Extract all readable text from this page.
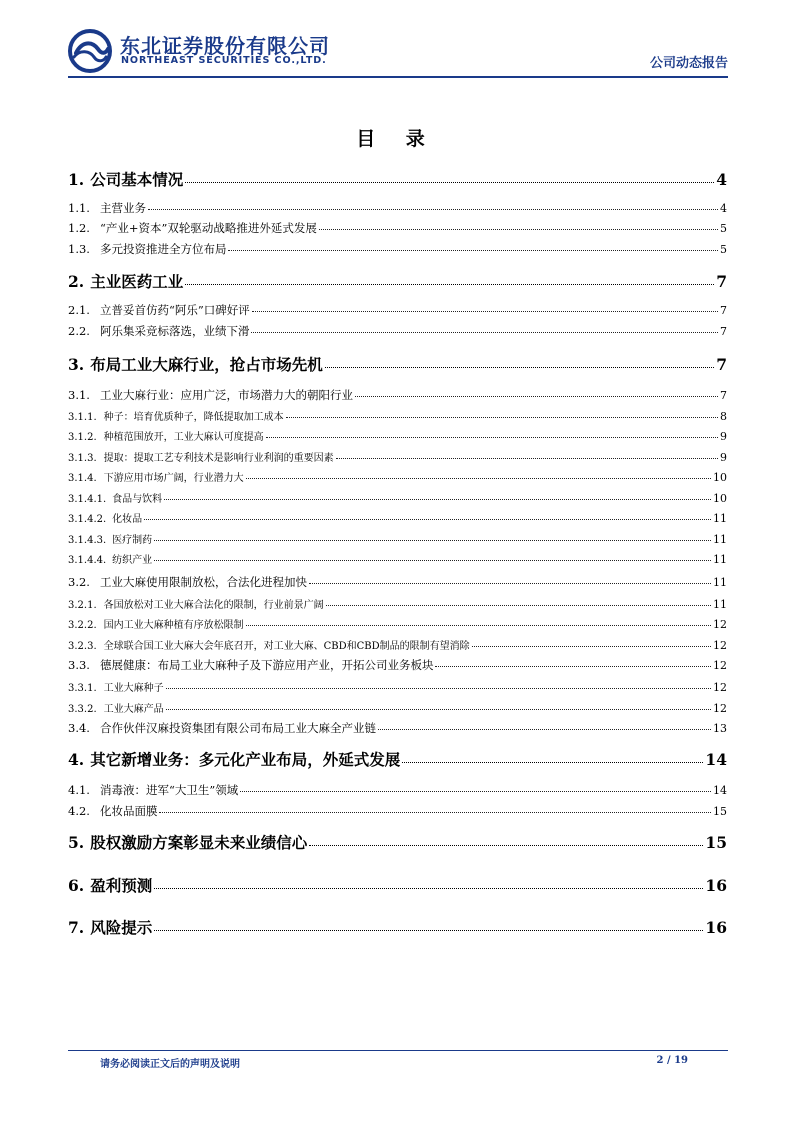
东北证券股份有限公司
NORTHEAST SECURITIES CO.,LTD.	公司动态报告
目 录
1. 公司基本情况	4
1.1. 主营业务	4
1.2. “产业+资本”双轮驱动战略推进外延式发展	5
1.3. 多元投资推进全方位布局	5
2. 主业医药工业	7
2.1. 立普妥首仿药“阿乐”口碑好评	7
2.2. 阿乐集采竞标落选，业绩下滑	7
3. 布局工业大麻行业，抢占市场先机	7
3.1. 工业大麻行业：应用广泛，市场潜力大的朝阳行业	7
3.1.1. 种子：培育优质种子，降低提取加工成本	8
3.1.2. 种植范围放开，工业大麻认可度提高	9
3.1.3. 提取：提取工艺专利技术是影响行业利润的重要因素	9
3.1.4. 下游应用市场广阔，行业潜力大	10
3.1.4.1. 食品与饮料	10
3.1.4.2. 化妆品	11
3.1.4.3. 医疗制药	11
3.1.4.4. 纺织产业	11
3.2. 工业大麻使用限制放松，合法化进程加快	11
3.2.1. 各国放松对工业大麻合法化的限制，行业前景广阔	11
3.2.2. 国内工业大麻种植有序放松限制	12
3.2.3. 全球联合国工业大麻大会年底召开，对工业大麻、CBD和CBD制品的限制有望消除	12
3.3. 德展健康：布局工业大麻种子及下游应用产业，开拓公司业务板块	12
3.3.1. 工业大麻种子	12
3.3.2. 工业大麻产品	12
3.4. 合作伙伴汉麻投资集团有限公司布局工业大麻全产业链	13
4. 其它新增业务：多元化产业布局，外延式发展	14
4.1. 消毒液：进军“大卫生”领域	14
4.2. 化妆品面膜	15
5. 股权激励方案彰显未来业绩信心	15
6. 盈利预测	16
7. 风险提示	16
请务必阅读正文后的声明及说明	2 / 19
